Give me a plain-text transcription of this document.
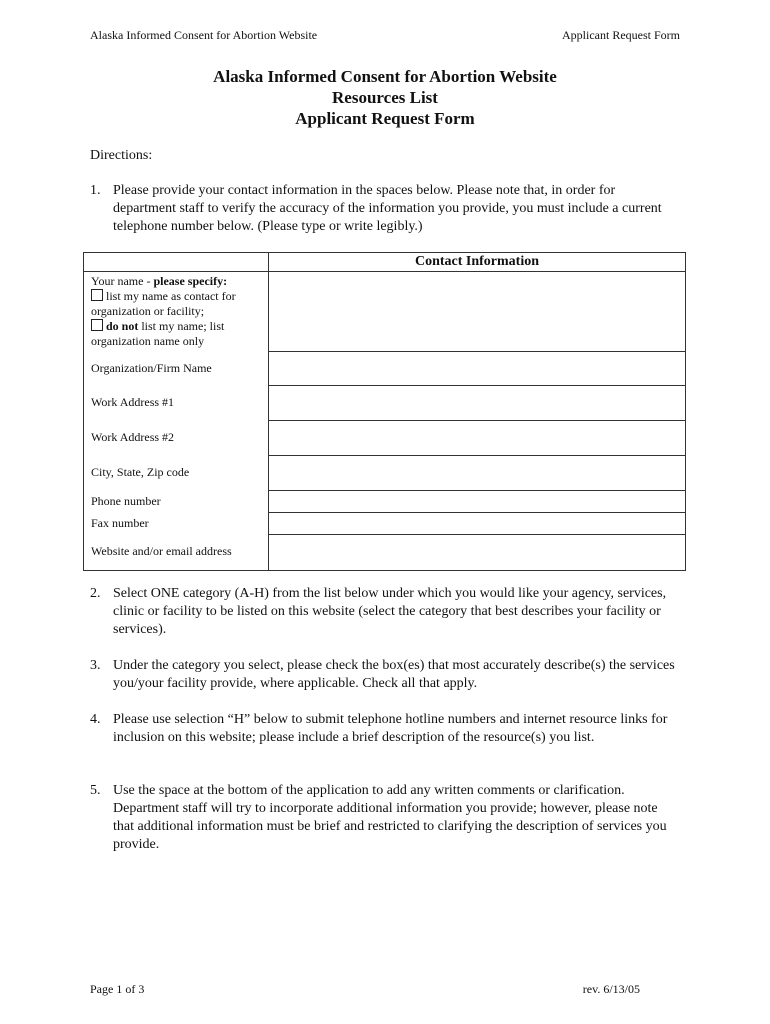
Alaska Informed Consent for Abortion Website	Applicant Request Form
Alaska Informed Consent for Abortion Website
Resources List
Applicant Request Form
Directions:
1. Please provide your contact information in the spaces below. Please note that, in order for department staff to verify the accuracy of the information you provide, you must include a current telephone number below. (Please type or write legibly.)
	Contact Information
Your name - please specify:
list my name as contact for organization or facility;
do not list my name; list organization name only	
Organization/Firm Name	
Work Address #1	
Work Address #2	
City, State, Zip code	
Phone number	
Fax number	
Website and/or email address	
2. Select ONE category (A-H) from the list below under which you would like your agency, services, clinic or facility to be listed on this website (select the category that best describes your facility or services).
3. Under the category you select, please check the box(es) that most accurately describe(s) the services you/your facility provide, where applicable. Check all that apply.
4. Please use selection “H” below to submit telephone hotline numbers and internet resource links for inclusion on this website; please include a brief description of the resource(s) you list.
5. Use the space at the bottom of the application to add any written comments or clarification. Department staff will try to incorporate additional information you provide; however, please note that additional information must be brief and restricted to clarifying the description of services you provide.
Page 1 of 3	rev. 6/13/05
